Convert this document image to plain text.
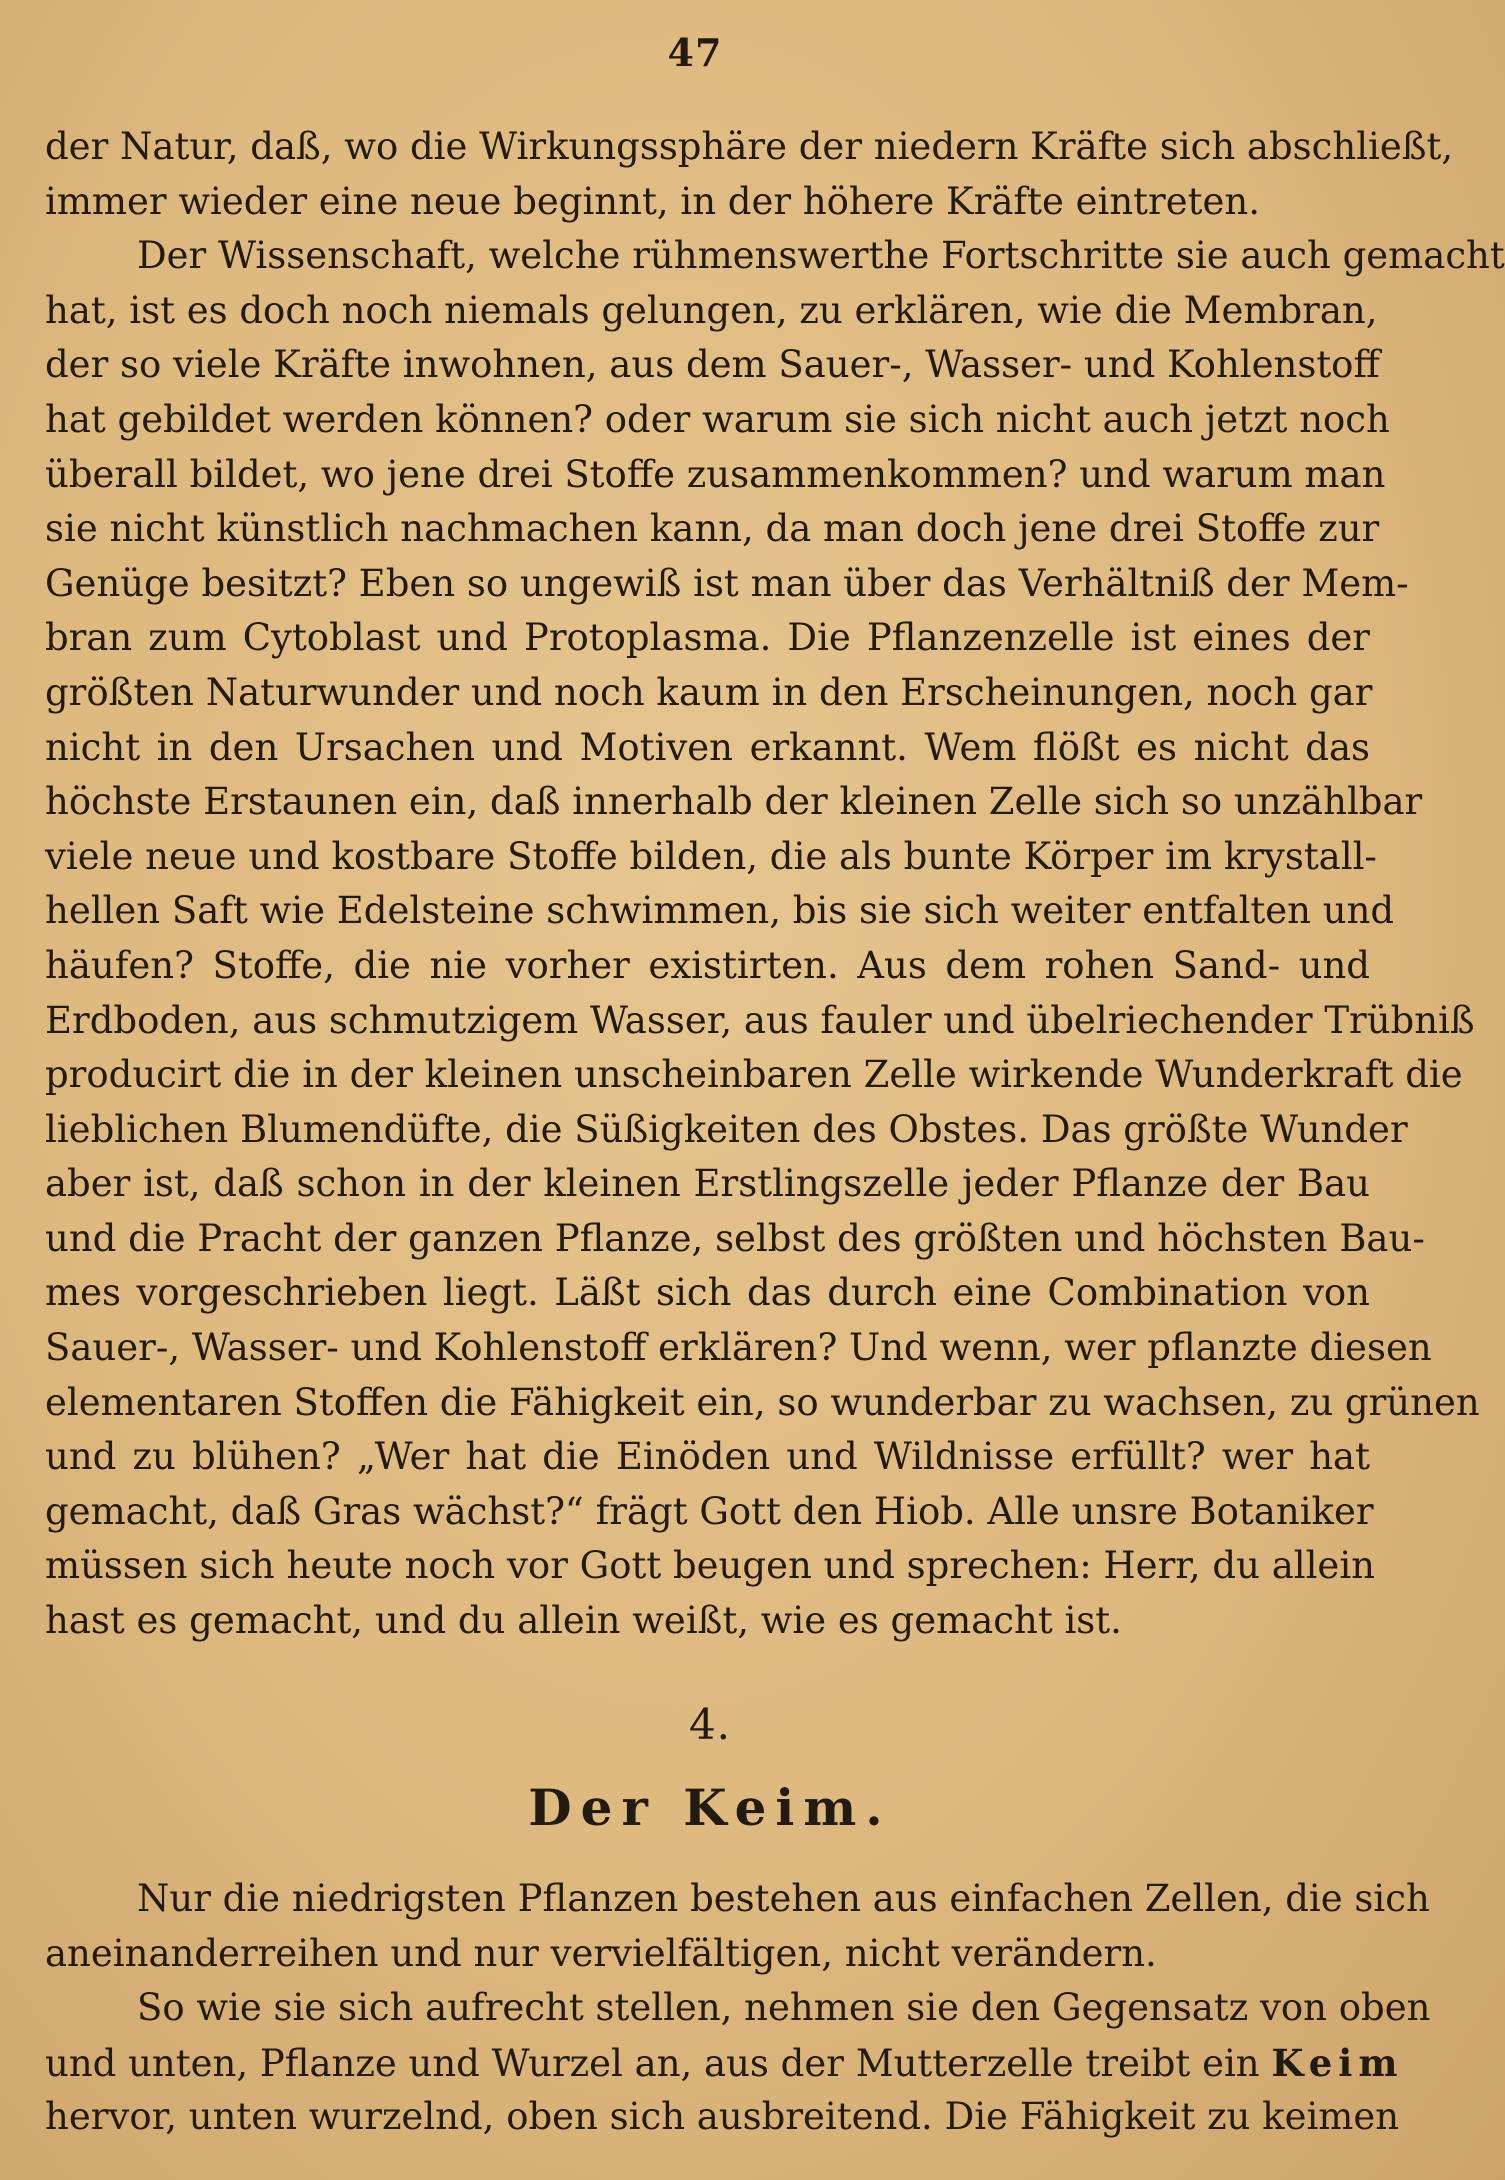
47
der Natur, daß, wo die Wirkungssphäre der niedern Kräfte sich abschließt,
immer wieder eine neue beginnt, in der höhere Kräfte eintreten.
Der Wissenschaft, welche rühmenswerthe Fortschritte sie auch gemacht
hat, ist es doch noch niemals gelungen, zu erklären, wie die Membran,
der so viele Kräfte inwohnen, aus dem Sauer-, Wasser- und Kohlenstoff
hat gebildet werden können? oder warum sie sich nicht auch jetzt noch
überall bildet, wo jene drei Stoffe zusammenkommen? und warum man
sie nicht künstlich nachmachen kann, da man doch jene drei Stoffe zur
Genüge besitzt? Eben so ungewiß ist man über das Verhältniß der Mem-
bran zum Cytoblast und Protoplasma. Die Pflanzenzelle ist eines der
größten Naturwunder und noch kaum in den Erscheinungen, noch gar
nicht in den Ursachen und Motiven erkannt. Wem flößt es nicht das
höchste Erstaunen ein, daß innerhalb der kleinen Zelle sich so unzählbar
viele neue und kostbare Stoffe bilden, die als bunte Körper im krystall-
hellen Saft wie Edelsteine schwimmen, bis sie sich weiter entfalten und
häufen? Stoffe, die nie vorher existirten. Aus dem rohen Sand- und
Erdboden, aus schmutzigem Wasser, aus fauler und übelriechender Trübniß
producirt die in der kleinen unscheinbaren Zelle wirkende Wunderkraft die
lieblichen Blumendüfte, die Süßigkeiten des Obstes. Das größte Wunder
aber ist, daß schon in der kleinen Erstlingszelle jeder Pflanze der Bau
und die Pracht der ganzen Pflanze, selbst des größten und höchsten Bau-
mes vorgeschrieben liegt. Läßt sich das durch eine Combination von
Sauer-, Wasser- und Kohlenstoff erklären? Und wenn, wer pflanzte diesen
elementaren Stoffen die Fähigkeit ein, so wunderbar zu wachsen, zu grünen
und zu blühen? „Wer hat die Einöden und Wildnisse erfüllt? wer hat
gemacht, daß Gras wächst?“ frägt Gott den Hiob. Alle unsre Botaniker
müssen sich heute noch vor Gott beugen und sprechen: Herr, du allein
hast es gemacht, und du allein weißt, wie es gemacht ist.
4.
Der Keim.
Nur die niedrigsten Pflanzen bestehen aus einfachen Zellen, die sich
aneinanderreihen und nur vervielfältigen, nicht verändern.
So wie sie sich aufrecht stellen, nehmen sie den Gegensatz von oben
und unten, Pflanze und Wurzel an, aus der Mutterzelle treibt ein Keim
hervor, unten wurzelnd, oben sich ausbreitend. Die Fähigkeit zu keimen
